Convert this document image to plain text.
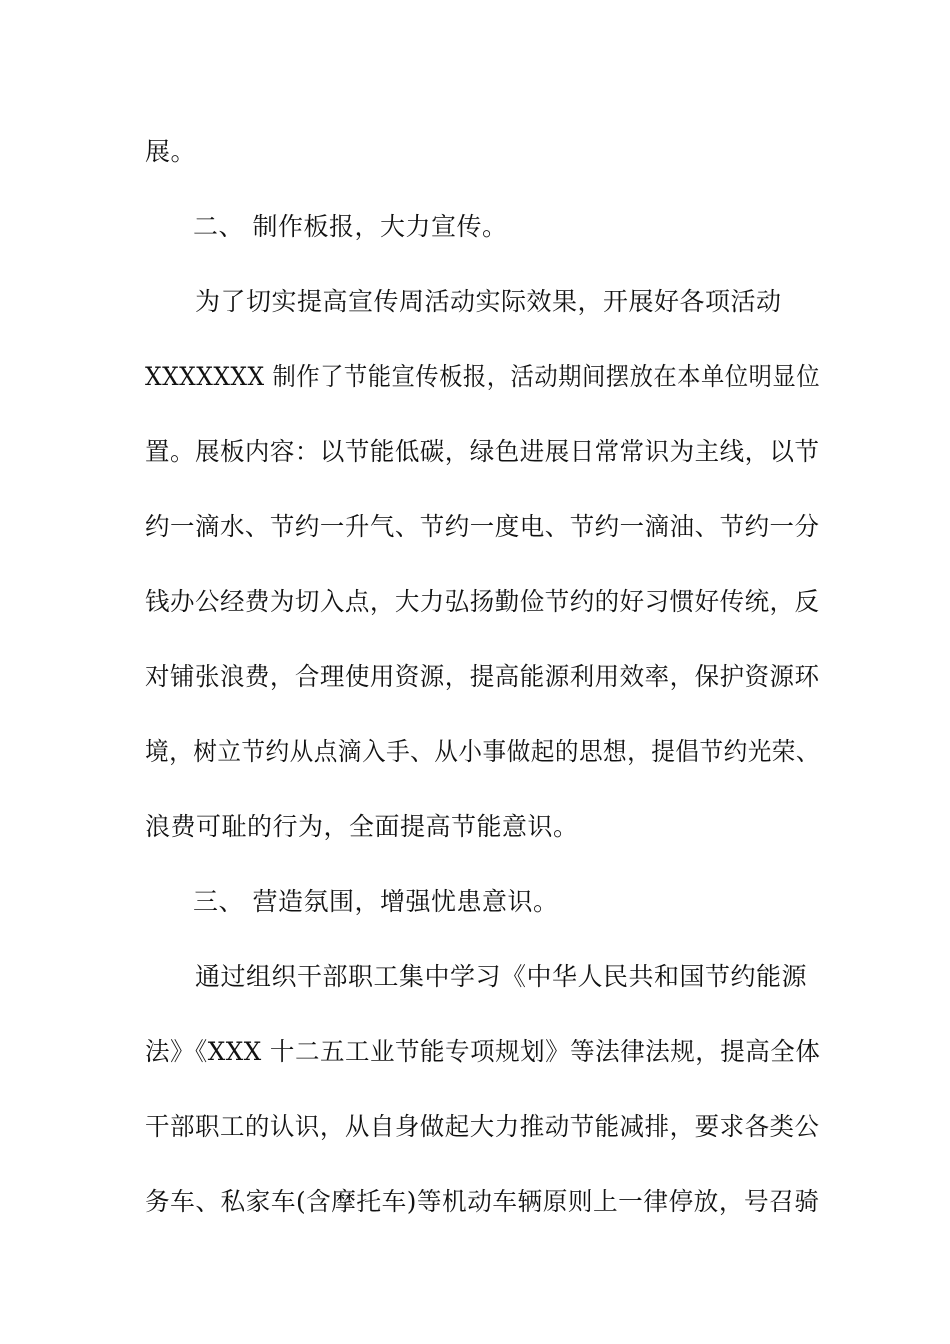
展。
二、 制作板报，大力宣传。
为了切实提高宣传周活动实际效果，开展好各项活动
XXXXXXX 制作了节能宣传板报，活动期间摆放在本单位明显位
置。展板内容：以节能低碳，绿色进展日常常识为主线，以节
约一滴水、节约一升气、节约一度电、节约一滴油、节约一分
钱办公经费为切入点，大力弘扬勤俭节约的好习惯好传统，反
对铺张浪费，合理使用资源，提高能源利用效率，保护资源环
境，树立节约从点滴入手、从小事做起的思想，提倡节约光荣、
浪费可耻的行为，全面提高节能意识。
三、 营造氛围，增强忧患意识。
通过组织干部职工集中学习《中华人民共和国节约能源
法》《XXX 十二五工业节能专项规划》等法律法规，提高全体
干部职工的认识，从自身做起大力推动节能减排，要求各类公
务车、私家车(含摩托车)等机动车辆原则上一律停放，号召骑
